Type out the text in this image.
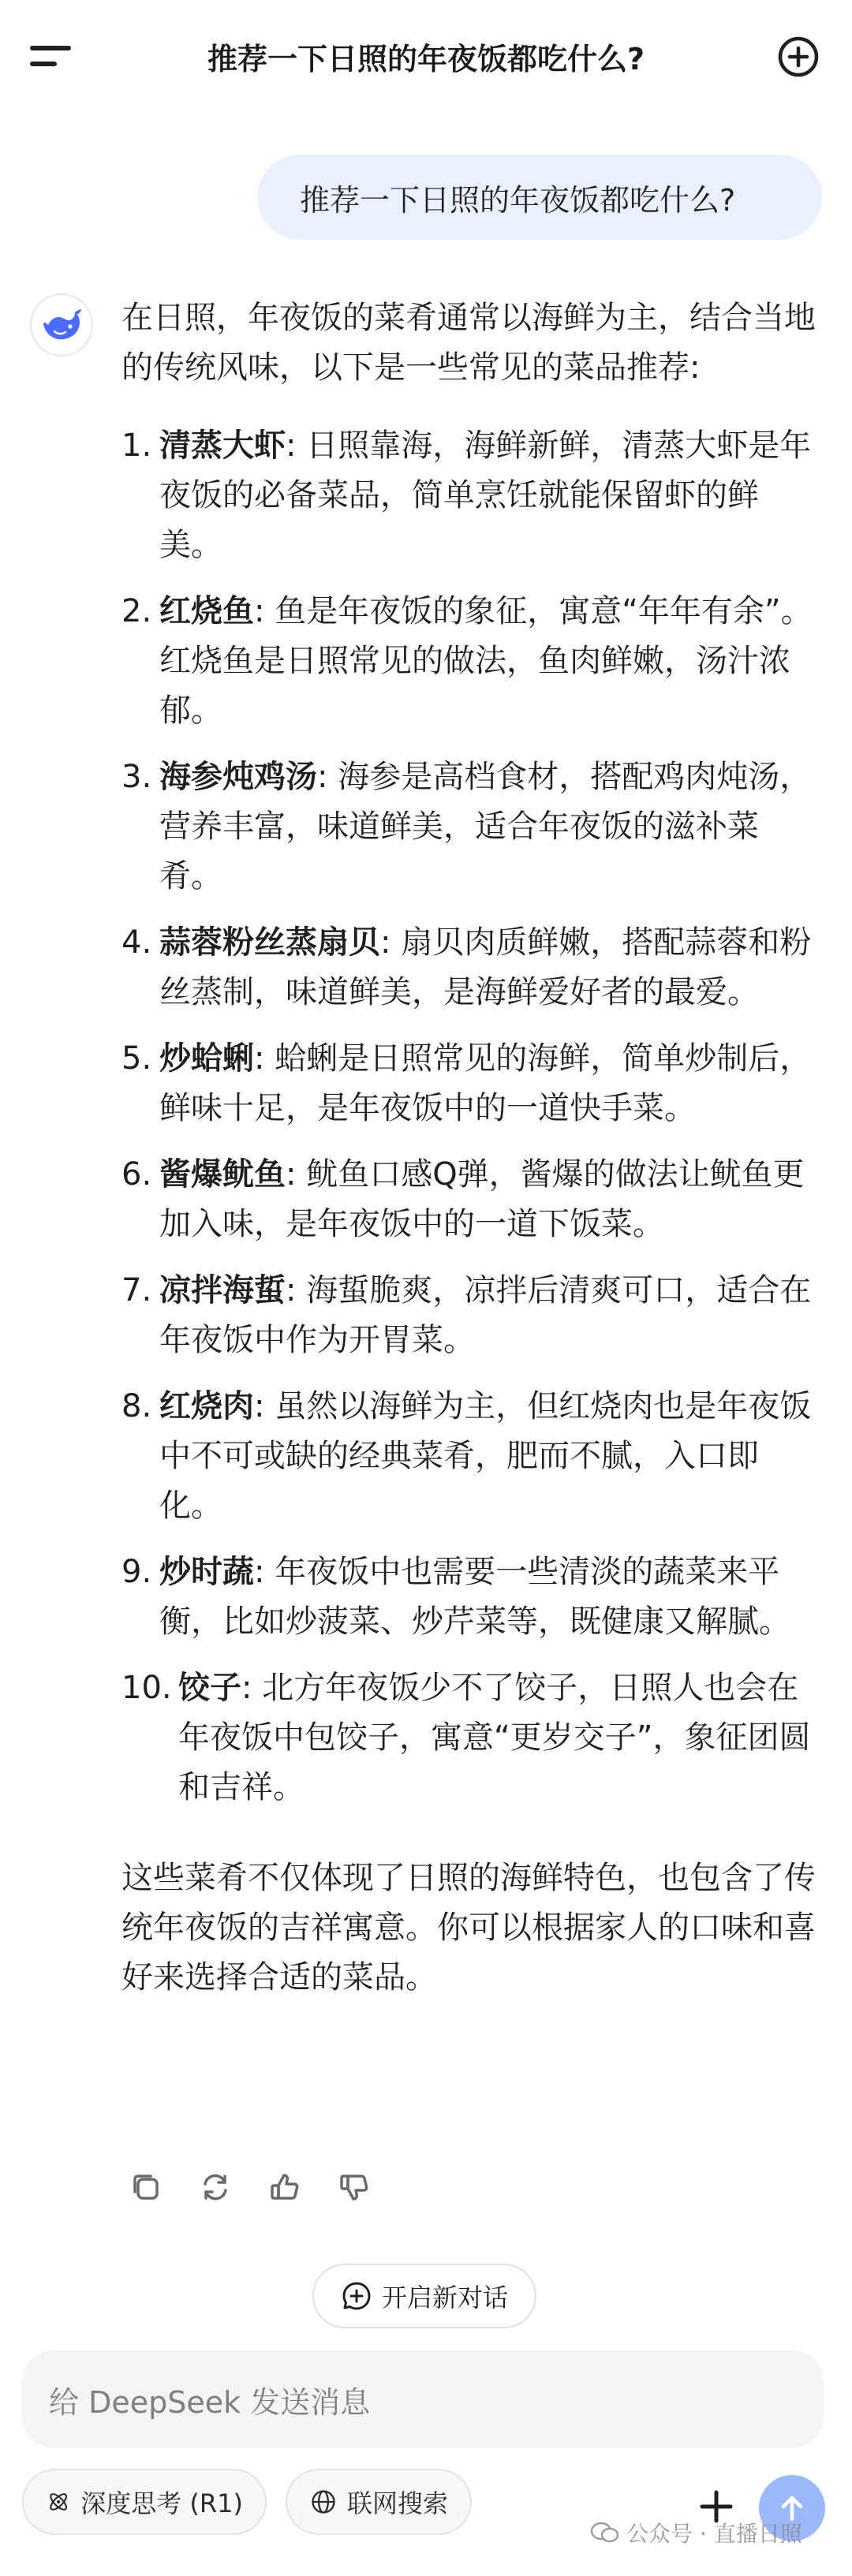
推荐一下日照的年夜饭都吃什么?
推荐一下日照的年夜饭都吃什么?

在日照，年夜饭的菜肴通常以海鲜为主，结合当地的传统风味，以下是一些常见的菜品推荐:

1. 清蒸大虾: 日照靠海，海鲜新鲜，清蒸大虾是年夜饭的必备菜品，简单烹饪就能保留虾的鲜美。
2. 红烧鱼: 鱼是年夜饭的象征，寓意“年年有余”。红烧鱼是日照常见的做法，鱼肉鲜嫩，汤汁浓郁。
3. 海参炖鸡汤: 海参是高档食材，搭配鸡肉炖汤，营养丰富，味道鲜美，适合年夜饭的滋补菜肴。
4. 蒜蓉粉丝蒸扇贝: 扇贝肉质鲜嫩，搭配蒜蓉和粉丝蒸制，味道鲜美，是海鲜爱好者的最爱。
5. 炒蛤蜊: 蛤蜊是日照常见的海鲜，简单炒制后，鲜味十足，是年夜饭中的一道快手菜。
6. 酱爆鱿鱼: 鱿鱼口感Q弹，酱爆的做法让鱿鱼更加入味，是年夜饭中的一道下饭菜。
7. 凉拌海蜇: 海蜇脆爽，凉拌后清爽可口，适合在年夜饭中作为开胃菜。
8. 红烧肉: 虽然以海鲜为主，但红烧肉也是年夜饭中不可或缺的经典菜肴，肥而不腻，入口即化。
9. 炒时蔬: 年夜饭中也需要一些清淡的蔬菜来平衡，比如炒菠菜、炒芹菜等，既健康又解腻。
10. 饺子: 北方年夜饭少不了饺子，日照人也会在年夜饭中包饺子，寓意“更岁交子”，象征团圆和吉祥。

这些菜肴不仅体现了日照的海鲜特色，也包含了传统年夜饭的吉祥寓意。你可以根据家人的口味和喜好来选择合适的菜品。

开启新对话
给 DeepSeek 发送消息
深度思考 (R1)	联网搜索
公众号 · 直播日照
